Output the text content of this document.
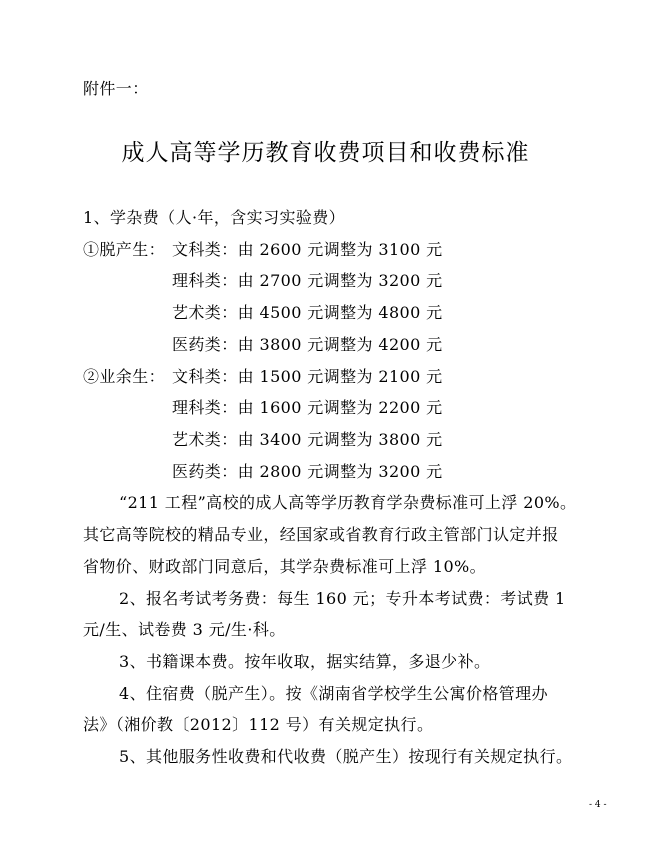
附件一：
成人高等学历教育收费项目和收费标准
1、学杂费（人·年，含实习实验费）
①脱产生： 文科类：由 2600 元调整为 3100 元
理科类：由 2700 元调整为 3200 元
艺术类：由 4500 元调整为 4800 元
医药类：由 3800 元调整为 4200 元
②业余生： 文科类：由 1500 元调整为 2100 元
理科类：由 1600 元调整为 2200 元
艺术类：由 3400 元调整为 3800 元
医药类：由 2800 元调整为 3200 元
“211 工程”高校的成人高等学历教育学杂费标准可上浮 20%。
其它高等院校的精品专业，经国家或省教育行政主管部门认定并报
省物价、财政部门同意后，其学杂费标准可上浮 10%。
2、报名考试考务费：每生 160 元；专升本考试费：考试费 1
元/生、试卷费 3 元/生·科。
3、书籍课本费。按年收取，据实结算，多退少补。
4、住宿费（脱产生）。按《湖南省学校学生公寓价格管理办
法》（湘价教〔2012〕112 号）有关规定执行。
5、其他服务性收费和代收费（脱产生）按现行有关规定执行。
- 4 -
